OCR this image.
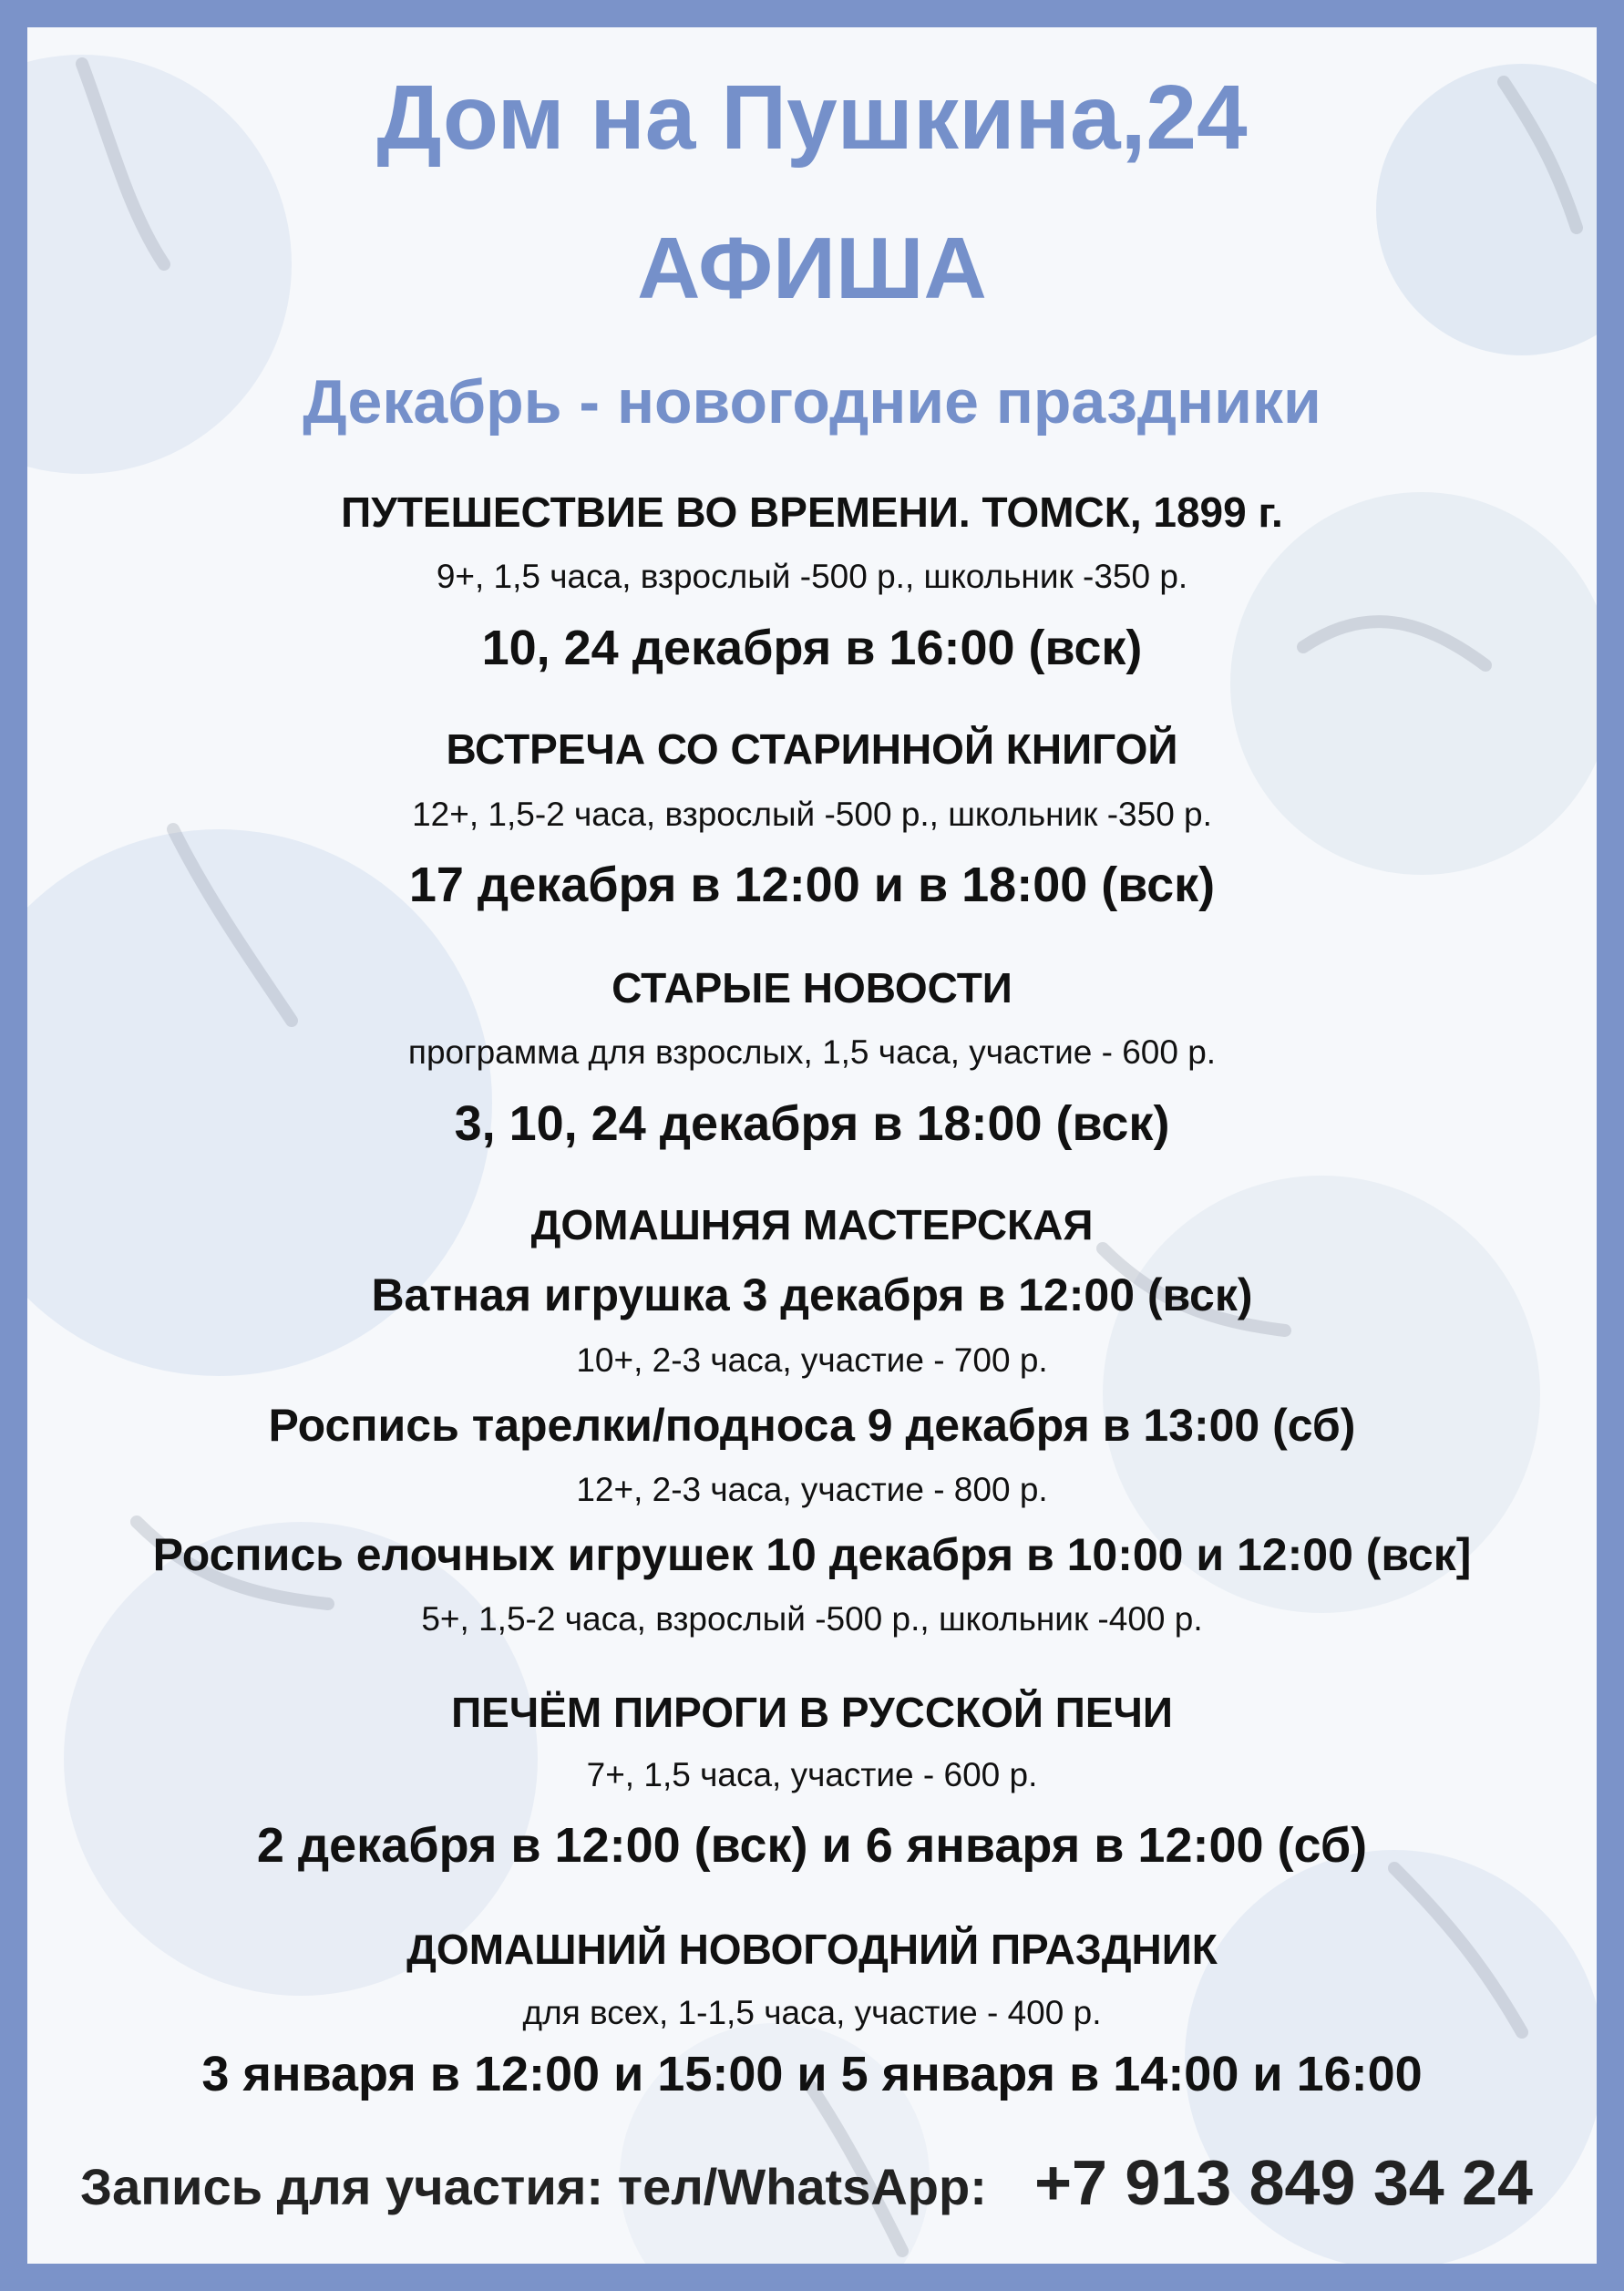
Дом на Пушкина,24
АФИША
Декабрь - новогодние праздники
ПУТЕШЕСТВИЕ ВО ВРЕМЕНИ. ТОМСК, 1899 г.
9+, 1,5 часа, взрослый -500 р., школьник -350 р.
10, 24 декабря в 16:00 (вск)
ВСТРЕЧА СО СТАРИННОЙ КНИГОЙ
12+, 1,5-2 часа, взрослый -500 р., школьник -350 р.
17 декабря в 12:00 и в 18:00 (вск)
СТАРЫЕ НОВОСТИ
программа для взрослых, 1,5 часа, участие - 600 р.
3, 10, 24 декабря в 18:00 (вск)
ДОМАШНЯЯ МАСТЕРСКАЯ
Ватная игрушка 3 декабря в 12:00 (вск)
10+, 2-3 часа, участие - 700 р.
Роспись тарелки/подноса 9 декабря в 13:00 (сб)
12+, 2-3 часа, участие - 800 р.
Роспись елочных игрушек 10 декабря в 10:00 и 12:00 (вск]
5+, 1,5-2 часа, взрослый -500 р., школьник -400 р.
ПЕЧЁМ ПИРОГИ В РУССКОЙ ПЕЧИ
7+, 1,5 часа, участие - 600 р.
2 декабря в 12:00 (вск) и 6 января в 12:00 (сб)
ДОМАШНИЙ НОВОГОДНИЙ ПРАЗДНИК
для всех, 1-1,5 часа, участие - 400 р.
3 января в 12:00 и 15:00 и 5 января в 14:00 и 16:00
Запись для участия: тел/WhatsApp: +7 913 849 34 24
